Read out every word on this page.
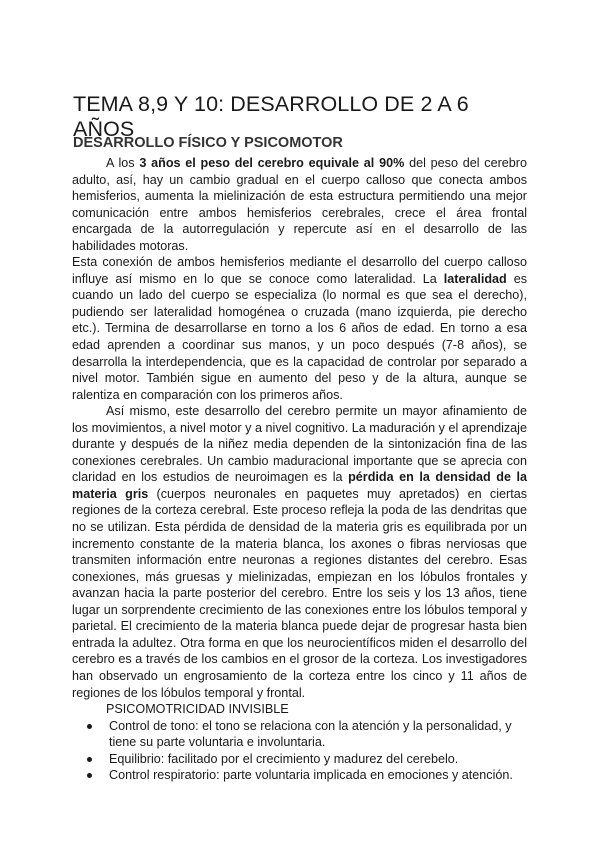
TEMA 8,9 Y 10: DESARROLLO DE 2 A 6 AÑOS
DESARROLLO FÍSICO Y PSICOMOTOR

A los 3 años el peso del cerebro equivale al 90% del peso del cerebro adulto, así, hay un cambio gradual en el cuerpo calloso que conecta ambos hemisferios, aumenta la mielinización de esta estructura permitiendo una mejor comunicación entre ambos hemisferios cerebrales, crece el área frontal encargada de la autorregulación y repercute así en el desarrollo de las habilidades motoras.

Esta conexión de ambos hemisferios mediante el desarrollo del cuerpo calloso influye así mismo en lo que se conoce como lateralidad. La lateralidad es cuando un lado del cuerpo se especializa (lo normal es que sea el derecho), pudiendo ser lateralidad homogénea o cruzada (mano izquierda, pie derecho etc.). Termina de desarrollarse en torno a los 6 años de edad. En torno a esa edad aprenden a coordinar sus manos, y un poco después (7-8 años), se desarrolla la interdependencia, que es la capacidad de controlar por separado a nivel motor. También sigue en aumento del peso y de la altura, aunque se ralentiza en comparación con los primeros años.

Así mismo, este desarrollo del cerebro permite un mayor afinamiento de los movimientos, a nivel motor y a nivel cognitivo. La maduración y el aprendizaje durante y después de la niñez media dependen de la sintonización fina de las conexiones cerebrales. Un cambio maduracional importante que se aprecia con claridad en los estudios de neuroimagen es la pérdida en la densidad de la materia gris (cuerpos neuronales en paquetes muy apretados) en ciertas regiones de la corteza cerebral. Este proceso refleja la poda de las dendritas que no se utilizan. Esta pérdida de densidad de la materia gris es equilibrada por un incremento constante de la materia blanca, los axones o fibras nerviosas que transmiten información entre neuronas a regiones distantes del cerebro. Esas conexiones, más gruesas y mielinizadas, empiezan en los lóbulos frontales y avanzan hacia la parte posterior del cerebro. Entre los seis y los 13 años, tiene lugar un sorprendente crecimiento de las conexiones entre los lóbulos temporal y parietal. El crecimiento de la materia blanca puede dejar de progresar hasta bien entrada la adultez. Otra forma en que los neurocientíficos miden el desarrollo del cerebro es a través de los cambios en el grosor de la corteza. Los investigadores han observado un engrosamiento de la corteza entre los cinco y 11 años de regiones de los lóbulos temporal y frontal.

PSICOMOTRICIDAD INVISIBLE

Control de tono: el tono se relaciona con la atención y la personalidad, y tiene su parte voluntaria e involuntaria.
Equilibrio: facilitado por el crecimiento y madurez del cerebelo.
Control respiratorio: parte voluntaria implicada en emociones y atención.
